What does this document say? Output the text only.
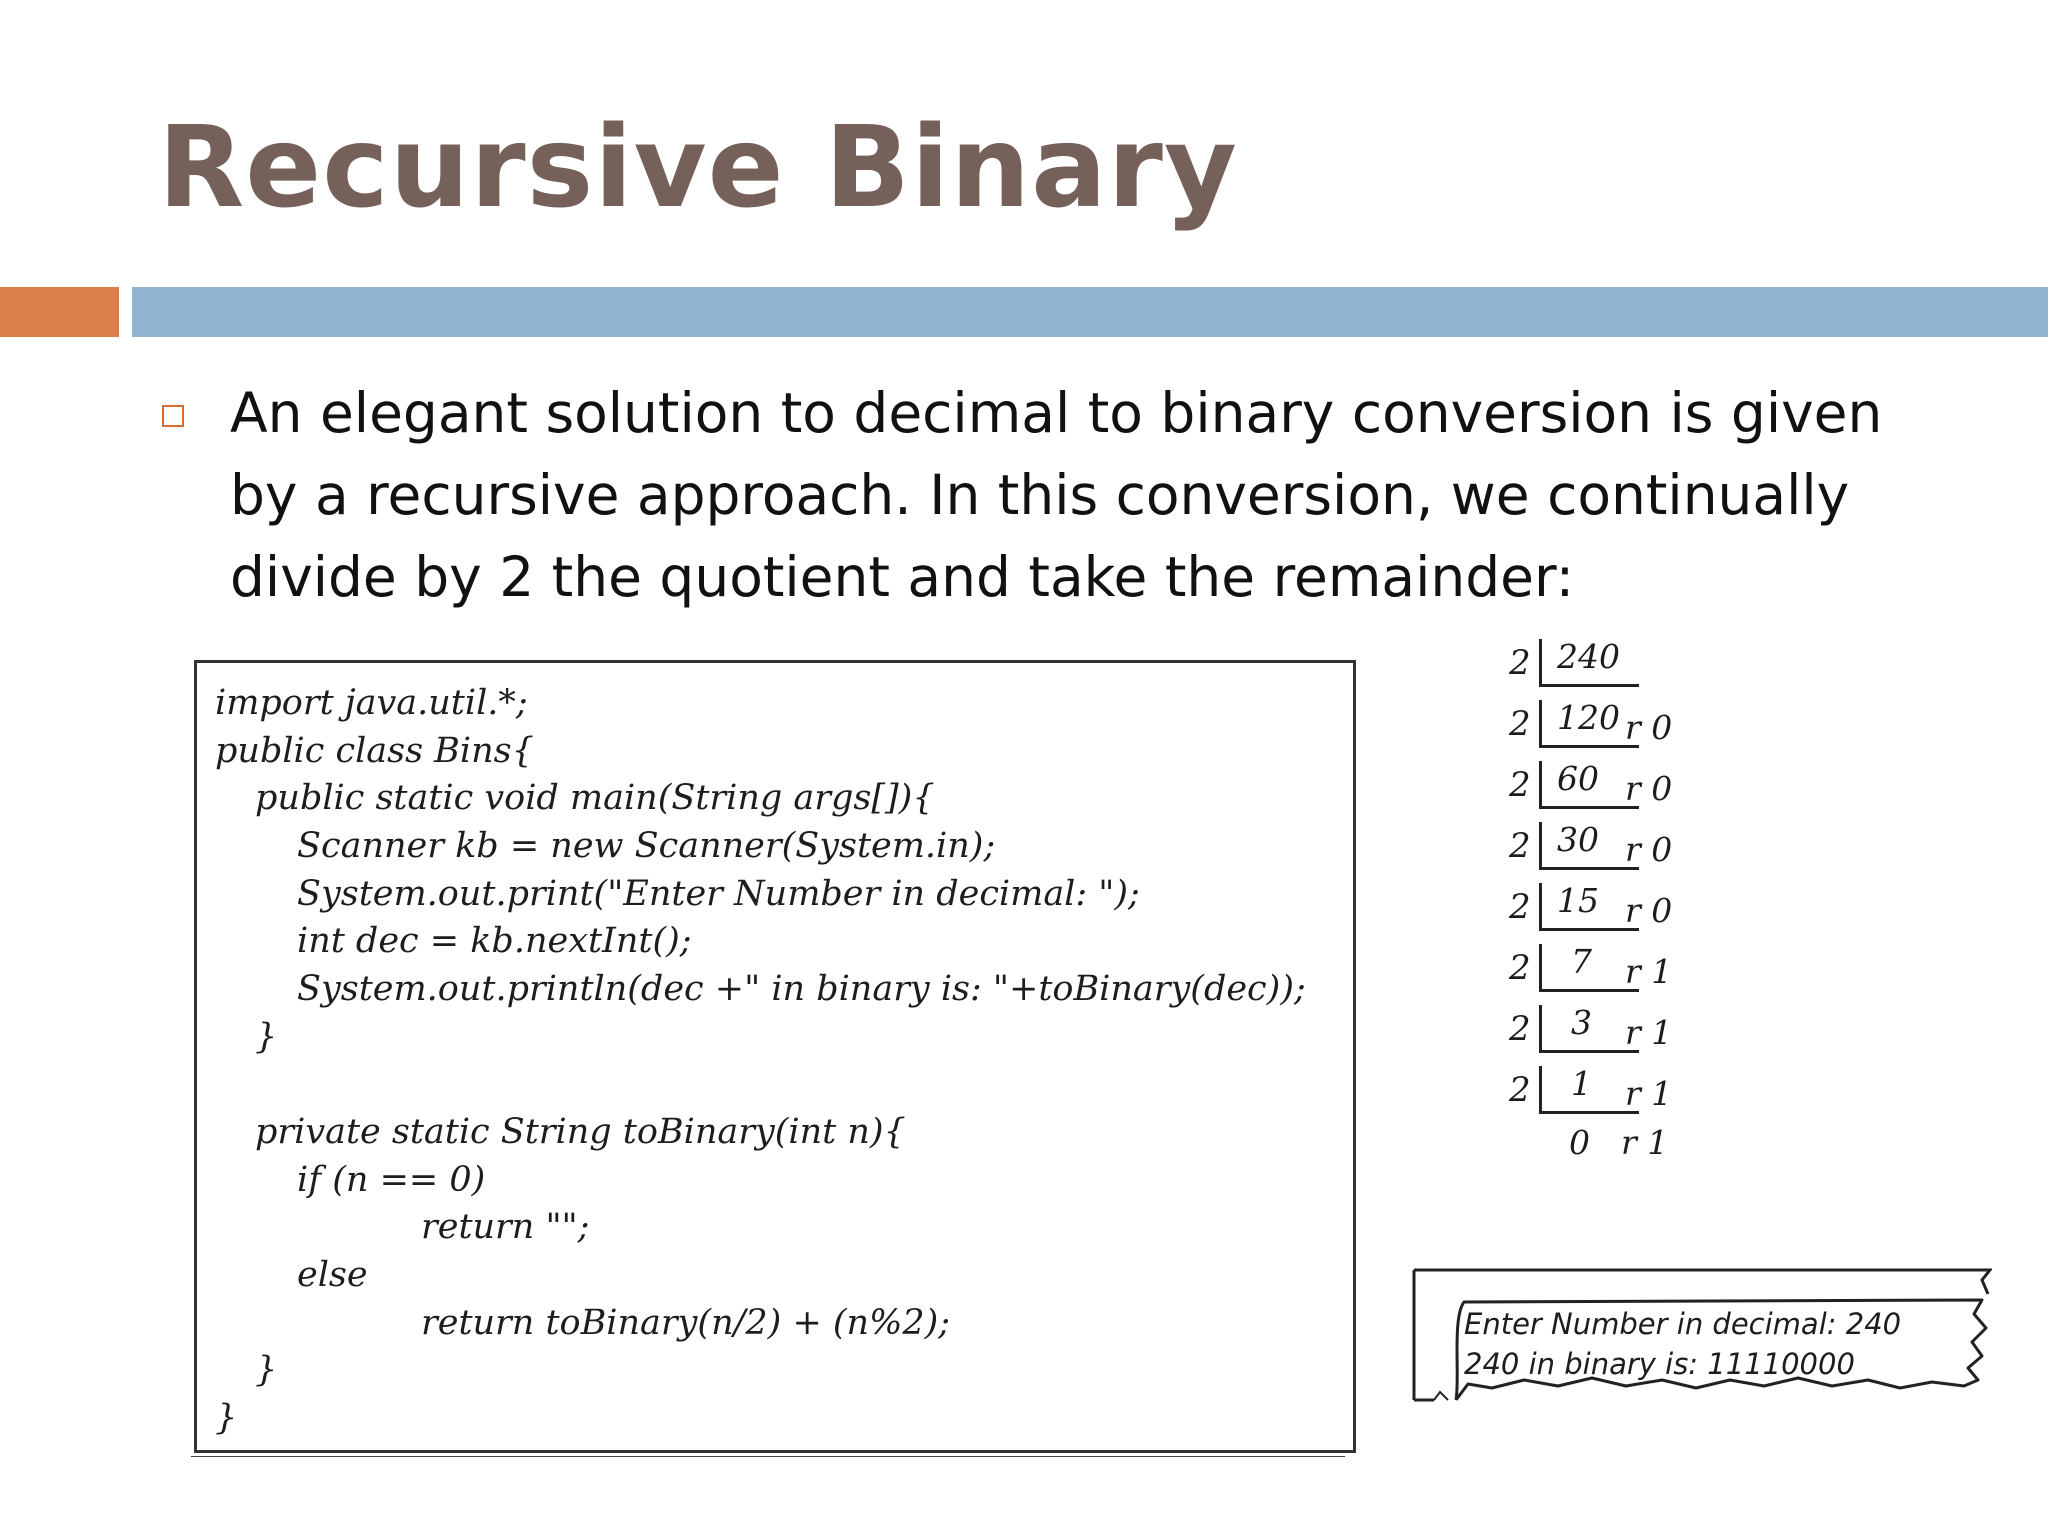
Recursive Binary

An elegant solution to decimal to binary conversion is given by a recursive approach. In this conversion, we continually divide by 2 the quotient and take the remainder:

import java.util.*;

public class Bins{

public static void main(String args[]){

Scanner kb = new Scanner(System.in);

System.out.print("Enter Number in decimal: ");

int dec = kb.nextInt();

System.out.println(dec +" in binary is: "+toBinary(dec));

}

private static String toBinary(int n){

if (n == 0)

return "";

else

return toBinary(n/2) + (n%2);

}

}

2 240
2 120 r 0
2 60 r 0
2 30 r 0
2 15 r 0
2 7 r 1
2 3 r 1
2 1 r 1
0 r 1

Enter Number in decimal: 240

240 in binary is: 11110000
